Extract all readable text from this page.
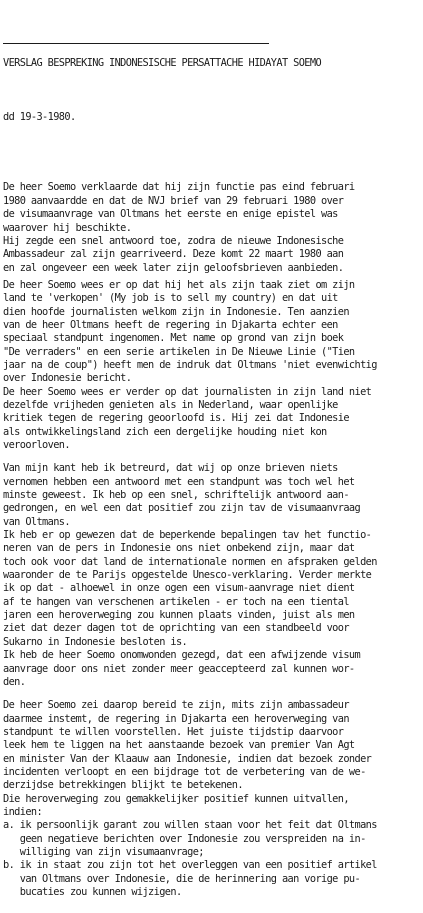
VERSLAG BESPREKING INDONESISCHE PERSATTACHE HIDAYAT SOEMO

dd 19-3-1980.

De heer Soemo verklaarde dat hij zijn functie pas eind februari
1980 aanvaardde en dat de NVJ brief van 29 februari 1980 over
de visumaanvrage van Oltmans het eerste en enige epistel was
waarover hij beschikte.
Hij zegde een snel antwoord toe, zodra de nieuwe Indonesische
Ambassadeur zal zijn gearriveerd. Deze komt 22 maart 1980 aan
en zal ongeveer een week later zijn geloofsbrieven aanbieden.
De heer Soemo wees er op dat hij het als zijn taak ziet om zijn
land te 'verkopen' (My job is to sell my country) en dat uit
dien hoofde journalisten welkom zijn in Indonesie. Ten aanzien
van de heer Oltmans heeft de regering in Djakarta echter een
speciaal standpunt ingenomen. Met name op grond van zijn boek
"De verraders" en een serie artikelen in De Nieuwe Linie ("Tien
jaar na de coup") heeft men de indruk dat Oltmans 'niet evenwichtig
over Indonesie bericht.
De heer Soemo wees er verder op dat journalisten in zijn land niet
dezelfde vrijheden genieten als in Nederland, waar openlijke
kritiek tegen de regering geoorloofd is. Hij zei dat Indonesie
als ontwikkelingsland zich een dergelijke houding niet kon
veroorloven.
Van mijn kant heb ik betreurd, dat wij op onze brieven niets
vernomen hebben een antwoord met een standpunt was toch wel het
minste geweest. Ik heb op een snel, schriftelijk antwoord aan-
gedrongen, en wel een dat positief zou zijn tav de visumaanvraag
van Oltmans.
Ik heb er op gewezen dat de beperkende bepalingen tav het functio-
neren van de pers in Indonesie ons niet onbekend zijn, maar dat
toch ook voor dat land de internationale normen en afspraken gelden
waaronder de te Parijs opgestelde Unesco-verklaring. Verder merkte
ik op dat - alhoewel in onze ogen een visum-aanvrage niet dient
af te hangen van verschenen artikelen - er toch na een tiental
jaren een heroverweging zou kunnen plaats vinden, juist als men
ziet dat dezer dagen tot de oprichting van een standbeeld voor
Sukarno in Indonesie besloten is.
Ik heb de heer Soemo onomwonden gezegd, dat een afwijzende visum
aanvrage door ons niet zonder meer geaccepteerd zal kunnen wor-
den.
De heer Soemo zei daarop bereid te zijn, mits zijn ambassadeur
daarmee instemt, de regering in Djakarta een heroverweging van
standpunt te willen voorstellen. Het juiste tijdstip daarvoor
leek hem te liggen na het aanstaande bezoek van premier Van Agt
en minister Van der Klaauw aan Indonesie, indien dat bezoek zonder
incidenten verloopt en een bijdrage tot de verbetering van de we-
derzijdse betrekkingen blijkt te betekenen.
Die heroverweging zou gemakkelijker positief kunnen uitvallen,
indien:
a. ik persoonlijk garant zou willen staan voor het feit dat Oltmans
geen negatieve berichten over Indonesie zou verspreiden na in-
williging van zijn visumaanvrage;
b. ik in staat zou zijn tot het overleggen van een positief artikel
van Oltmans over Indonesie, die de herinnering aan vorige pu-
bucaties zou kunnen wijzigen.
